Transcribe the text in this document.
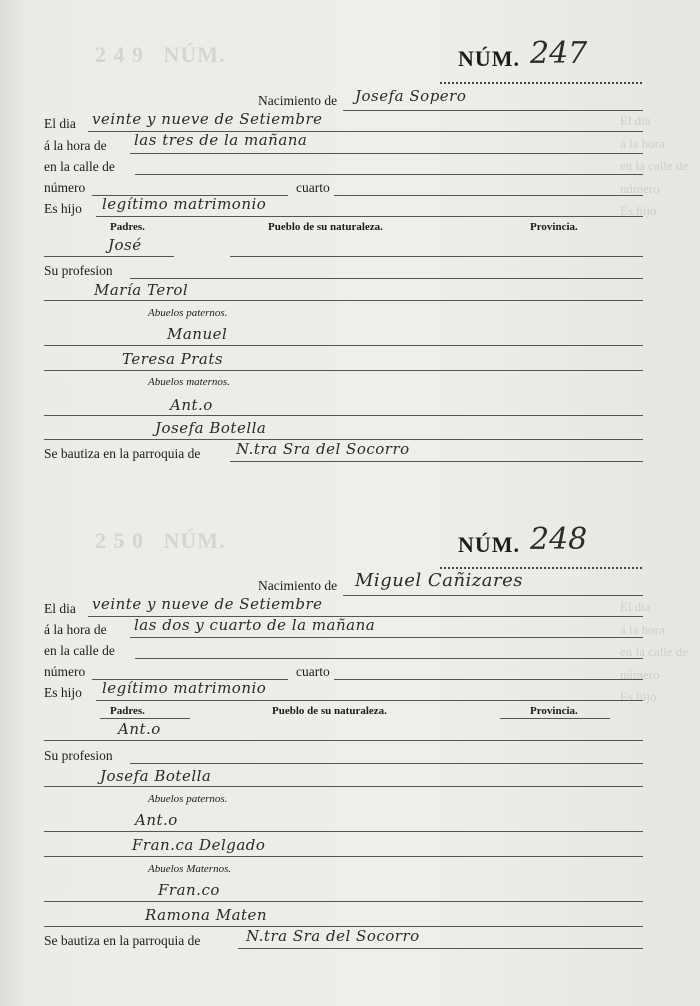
2 4 9   NÚM.
2 5 0   NÚM.
El dia
á la hora
en la calle de
número
Es hijo
El dia
á la hora
en la calle de
número
Es hijo
NÚM. 247
Nacimiento de Josefa Sopero
El dia veinte y nueve de Setiembre
á la hora de las tres de la mañana
en la calle de
número	cuarto
Es hijo legítimo matrimonio
Padres.	Pueblo de su naturaleza.	Provincia.
José
Su profesion
María Terol
Abuelos paternos.
Manuel
Teresa Prats
Abuelos maternos.
Ant.o
Josefa Botella
Se bautiza en la parroquia de N.tra Sra del Socorro
NÚM. 248
Nacimiento de Miguel Cañizares
El dia veinte y nueve de Setiembre
á la hora de las dos y cuarto de la mañana
en la calle de
número	cuarto
Es hijo legítimo matrimonio
Padres.	Pueblo de su naturaleza.	Provincia.
Ant.o
Su profesion
Josefa Botella
Abuelos paternos.
Ant.o
Fran.ca Delgado
Abuelos Maternos.
Fran.co
Ramona Maten
Se bautiza en la parroquia de	N.tra Sra del Socorro
